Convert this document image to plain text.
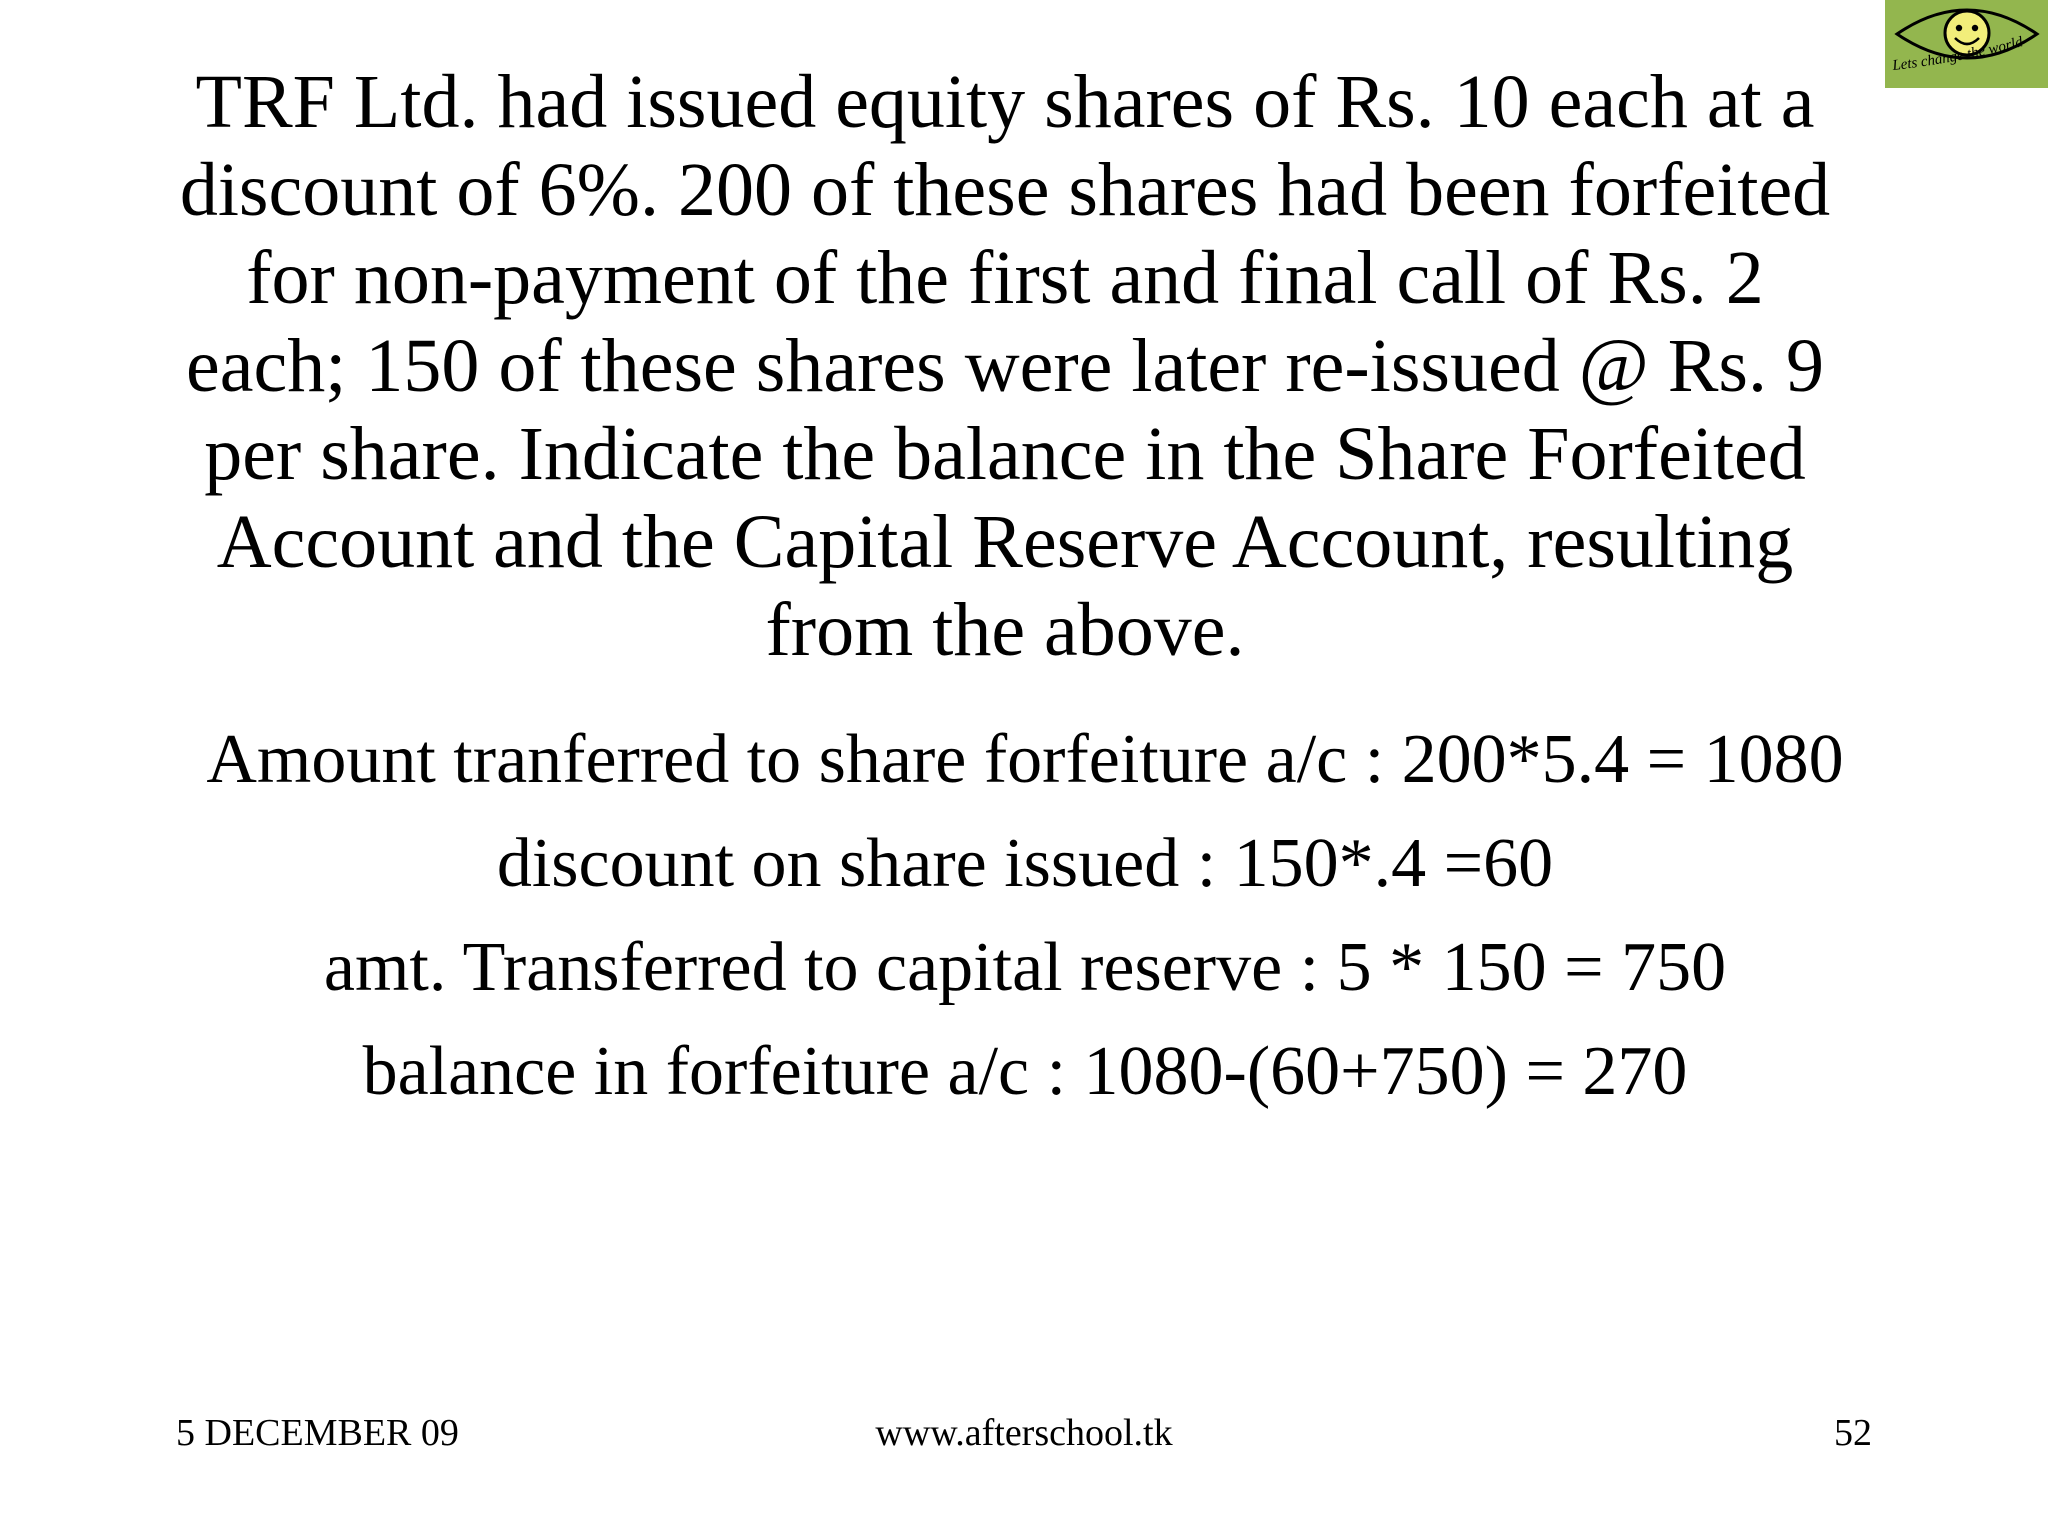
Lets change the world

TRF Ltd. had issued equity shares of Rs. 10 each at a
discount of 6%. 200 of these shares had been forfeited
for non-payment of the first and final call of Rs. 2
each; 150 of these shares were later re-issued @ Rs. 9
per share. Indicate the balance in the Share Forfeited
Account and the Capital Reserve Account, resulting
from the above.

Amount tranferred to share forfeiture a/c : 200*5.4 = 1080
discount on share issued : 150*.4 =60
amt. Transferred to capital reserve : 5 * 150 = 750
balance in forfeiture a/c : 1080-(60+750) = 270
www.afterschool.tk
5 DECEMBER 09	52
